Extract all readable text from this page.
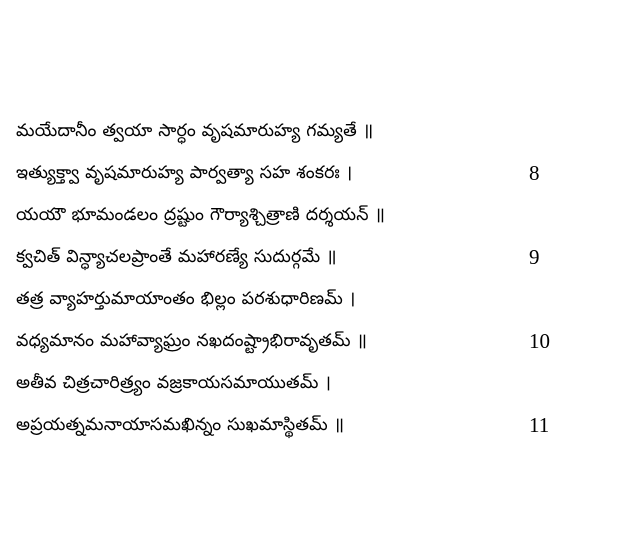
మయేదానీం త్వయా సార్ధం వృషమారుహ్య గమ్యతే ॥
ఇత్యుక్త్వా వృషమారుహ్య పార్వత్యా సహ శంకరః ।	8
యయౌ భూమండలం ద్రష్టుం గౌర్యాశ్చిత్రాణి దర్శయన్ ॥
క్వచిత్ విన్ధ్యాచలప్రాంతే మహారణ్యే సుదుర్గమే ॥	9
తత్ర వ్యాహర్తుమాయాంతం భిల్లం పరశుధారిణమ్ ।
వధ్యమానం మహావ్యాఘ్రం నఖదంష్ట్రాభిరావృతమ్ ॥	10
అతీవ చిత్రచారిత్ర్యం వజ్రకాయసమాయుతమ్ ।
అప్రయత్నమనాయాసమఖిన్నం సుఖమాస్థితమ్ ॥	11
